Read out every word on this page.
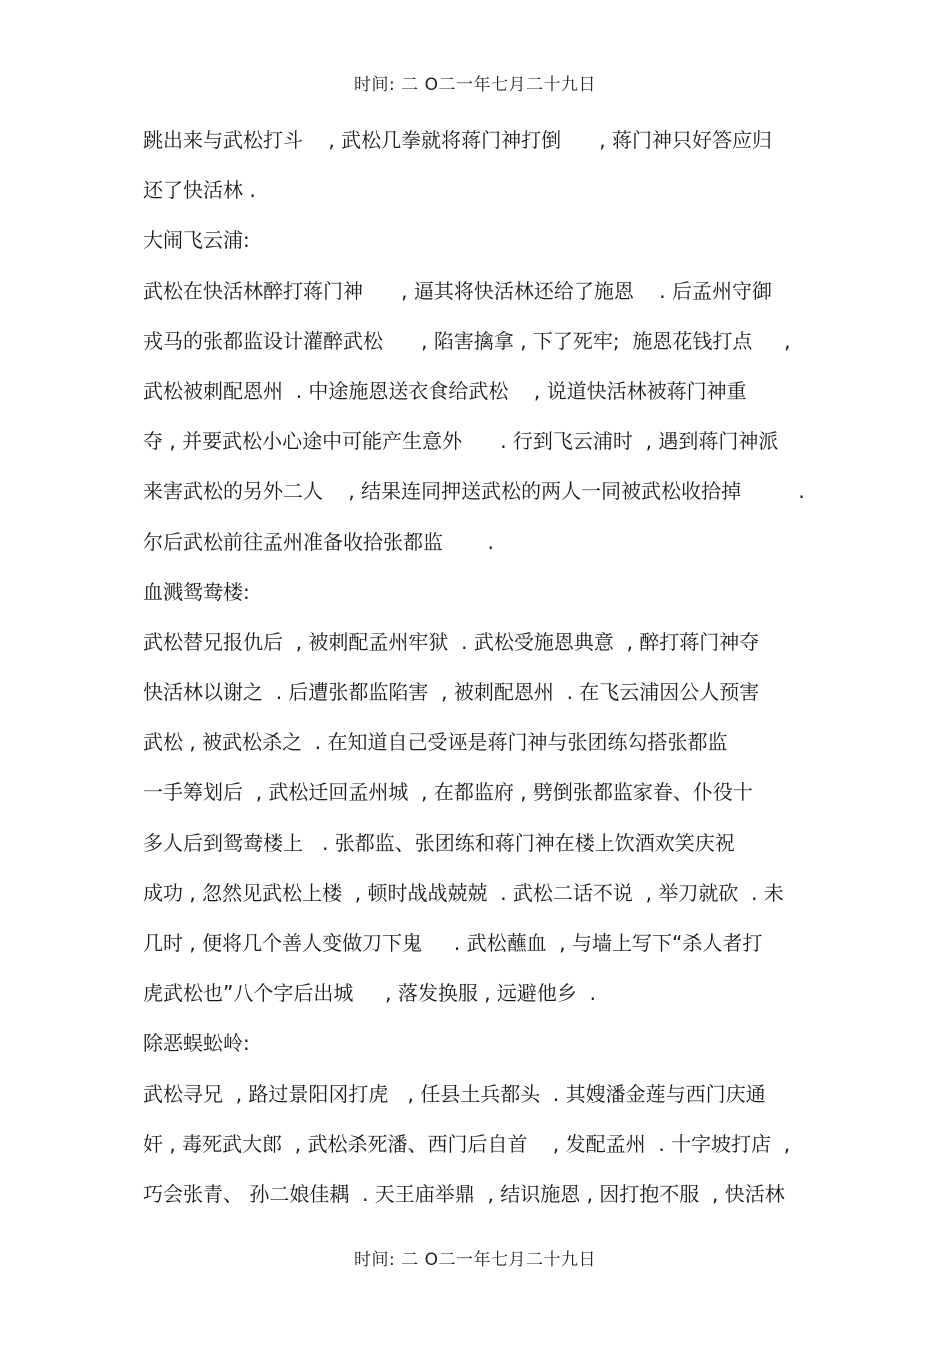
时间: 二 O二一年七月二十九日
跳出来与武松打斗    , 武松几拳就将蒋门神打倒      , 蒋门神只好答应归
还了快活林 .
大闹飞云浦:
武松在快活林醉打蒋门神      , 逼其将快活林还给了施恩    . 后孟州守御
戎马的张都监设计灌醉武松      , 陷害擒拿 , 下了死牢;  施恩花钱打点     ,
武松被刺配恩州  . 中途施恩送衣食给武松    , 说道快活林被蒋门神重
夺 , 并要武松小心途中可能产生意外      . 行到飞云浦时  , 遇到蒋门神派
来害武松的另外二人    , 结果连同押送武松的两人一同被武松收拾掉         .
尔后武松前往孟州准备收拾张都监       .
血溅鸳鸯楼:
武松替兄报仇后  , 被刺配孟州牢狱  . 武松受施恩典意  , 醉打蒋门神夺
快活林以谢之  . 后遭张都监陷害  , 被刺配恩州  . 在飞云浦因公人预害
武松 , 被武松杀之  . 在知道自己受诬是蒋门神与张团练勾搭张都监
一手筹划后  , 武松迁回孟州城  , 在都监府 , 劈倒张都监家眷、仆役十
多人后到鸳鸯楼上   . 张都监、张团练和蒋门神在楼上饮酒欢笑庆祝
成功 , 忽然见武松上楼  , 顿时战战兢兢  . 武松二话不说  , 举刀就砍  . 未
几时 , 便将几个善人变做刀下鬼     . 武松蘸血  , 与墙上写下“杀人者打
虎武松也”八个字后出城     , 落发换服 , 远避他乡  .
除恶蜈蚣岭:
武松寻兄  , 路过景阳冈打虎   , 任县土兵都头  . 其嫂潘金莲与西门庆通
奸 , 毒死武大郎  , 武松杀死潘、西门后自首    , 发配孟州  . 十字坡打店  ,
巧会张青、 孙二娘佳耦  . 天王庙举鼎  , 结识施恩 , 因打抱不服  , 快活林
时间: 二 O二一年七月二十九日
